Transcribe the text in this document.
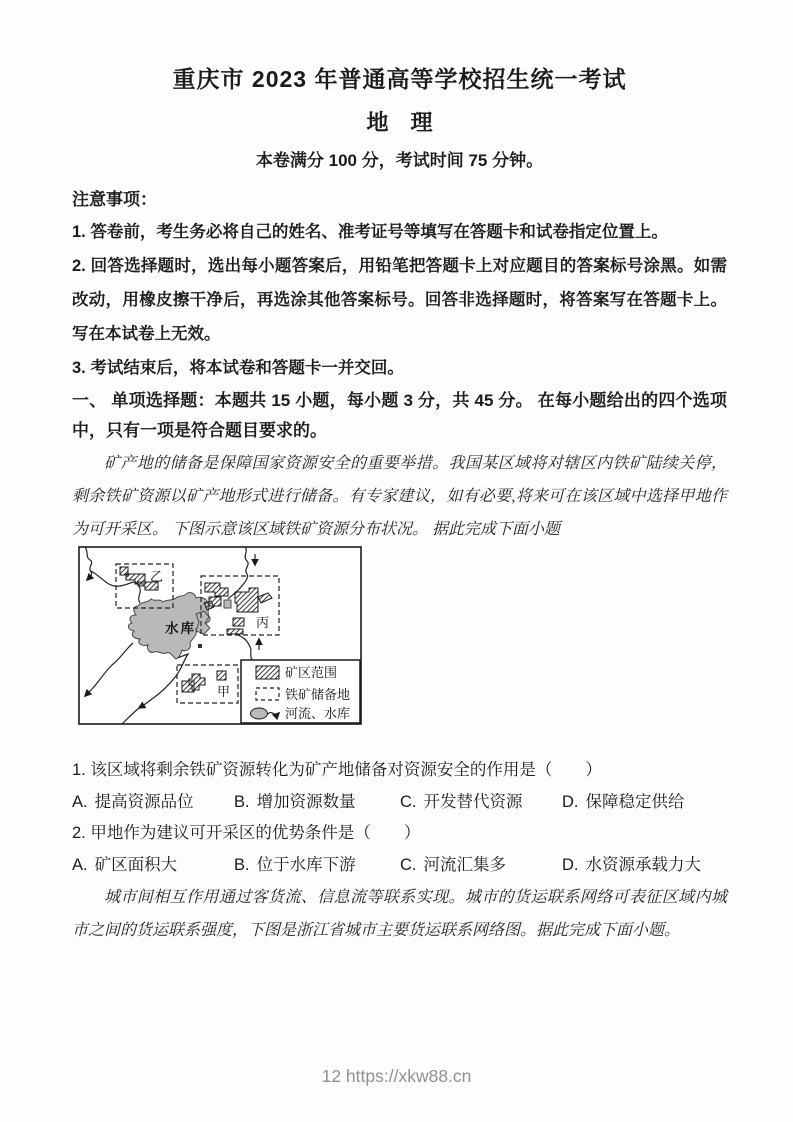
重庆市 2023 年普通高等学校招生统一考试
地　理
本卷满分 100 分，考试时间 75 分钟。
注意事项：

1. 答卷前，考生务必将自己的姓名、准考证号等填写在答题卡和试卷指定位置上。

2. 回答选择题时，选出每小题答案后，用铅笔把答题卡上对应题目的答案标号涂黑。如需改动，用橡皮擦干净后，再选涂其他答案标号。回答非选择题时，将答案写在答题卡上。写在本试卷上无效。

3. 考试结束后，将本试卷和答题卡一并交回。

一、 单项选择题：本题共 15 小题，每小题 3 分，共 45 分。 在每小题给出的四个选项中，只有一项是符合题目要求的。

矿产地的储备是保障国家资源安全的重要举措。我国某区域将对辖区内铁矿陆续关停，剩余铁矿资源以矿产地形式进行储备。有专家建议，如有必要,将来可在该区域中选择甲地作为可开采区。 下图示意该区域铁矿资源分布状况。 据此完成下面小题

乙
丙
甲
水库
矿区范围
铁矿储备地
河流、水库

1. 该区域将剩余铁矿资源转化为矿产地储备对资源安全的作用是（　　）

A. 提高资源品位	B. 增加资源数量	C. 开发替代资源	D. 保障稳定供给

2. 甲地作为建议可开采区的优势条件是（　　）

A. 矿区面积大	B. 位于水库下游	C. 河流汇集多	D. 水资源承载力大

城市间相互作用通过客货流、信息流等联系实现。城市的货运联系网络可表征区域内城市之间的货运联系强度，下图是浙江省城市主要货运联系网络图。据此完成下面小题。

12 https://xkw88.cn
